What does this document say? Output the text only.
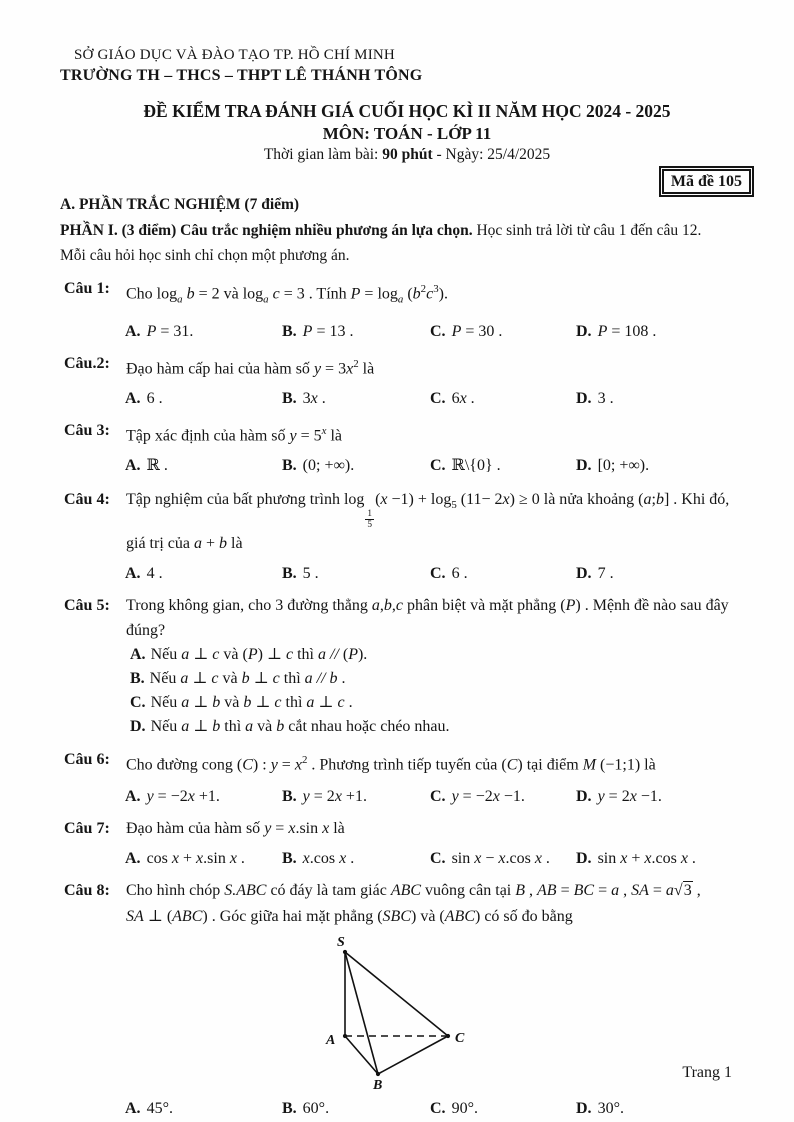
SỞ GIÁO DỤC VÀ ĐÀO TẠO TP. HỒ CHÍ MINH
TRƯỜNG TH – THCS – THPT LÊ THÁNH TÔNG
ĐỀ KIỂM TRA ĐÁNH GIÁ CUỐI HỌC KÌ II NĂM HỌC 2024 - 2025
MÔN: TOÁN - LỚP 11
Thời gian làm bài: 90 phút - Ngày: 25/4/2025
Mã đề 105
A. PHẦN TRẮC NGHIỆM (7 điểm)
PHẦN I. (3 điểm) Câu trắc nghiệm nhiều phương án lựa chọn. Học sinh trả lời từ câu 1 đến câu 12.
Mỗi câu hỏi học sinh chỉ chọn một phương án.
Câu 1:	Cho $\log_a b = 2$ và $\log_a c = 3$ . Tính $P = \log_a (b^2c^3)$.
A. P = 31.	B. P = 13 .	C. P = 30 .	D. P = 108 .
Câu.2:	Đạo hàm cấp hai của hàm số $y = 3x^2$ là
A. 6 .	B. 3x .	C. 6x .	D. 3 .
Câu 3:	Tập xác định của hàm số $y = 5^x$ là
A. ℝ .	B. (0; +∞).	C. ℝ\{0} .	D. [0; +∞).
Câu 4:	Tập nghiệm của bất phương trình log
$\frac{1}{5}$
$(x -1) + \log_5 (11- 2x) \ge 0$ là nửa khoảng (a;b] . Khi đó,
giá trị của a + b là
A. 4 .	B. 5 .	C. 6 .	D. 7 .
Câu 5:	Trong không gian, cho 3 đường thẳng a,b,c phân biệt và mặt phẳng (P) . Mệnh đề nào sau đây
đúng?
A. Nếu a ⊥ c và (P) ⊥ c thì a // (P).
B. Nếu a ⊥ c và b ⊥ c thì a // b .
C. Nếu a ⊥ b và b ⊥ c thì a ⊥ c .
D. Nếu a ⊥ b thì a và b cắt nhau hoặc chéo nhau.
Câu 6:	Cho đường cong (C) : $y = x^2$ . Phương trình tiếp tuyến của (C) tại điểm M (−1;1) là
A. y = −2x +1.	B. y = 2x +1.	C. y = −2x −1.	D. y = 2x −1.
Câu 7:	Đạo hàm của hàm số y = x.sin x là
A. cos x + x.sin x .	B. x.cos x .	C. sin x − x.cos x .	D. sin x + x.cos x .
Câu 8:	Cho hình chóp S.ABC có đáy là tam giác ABC vuông cân tại B , AB = BC = a , SA = a√3 ,
SA ⊥ (ABC) . Góc giữa hai mặt phẳng (SBC) và (ABC) có số đo bằng
S
A	C
B
A. 45°.	B. 60°.	C. 90°.	D. 30°.
Trang 1
